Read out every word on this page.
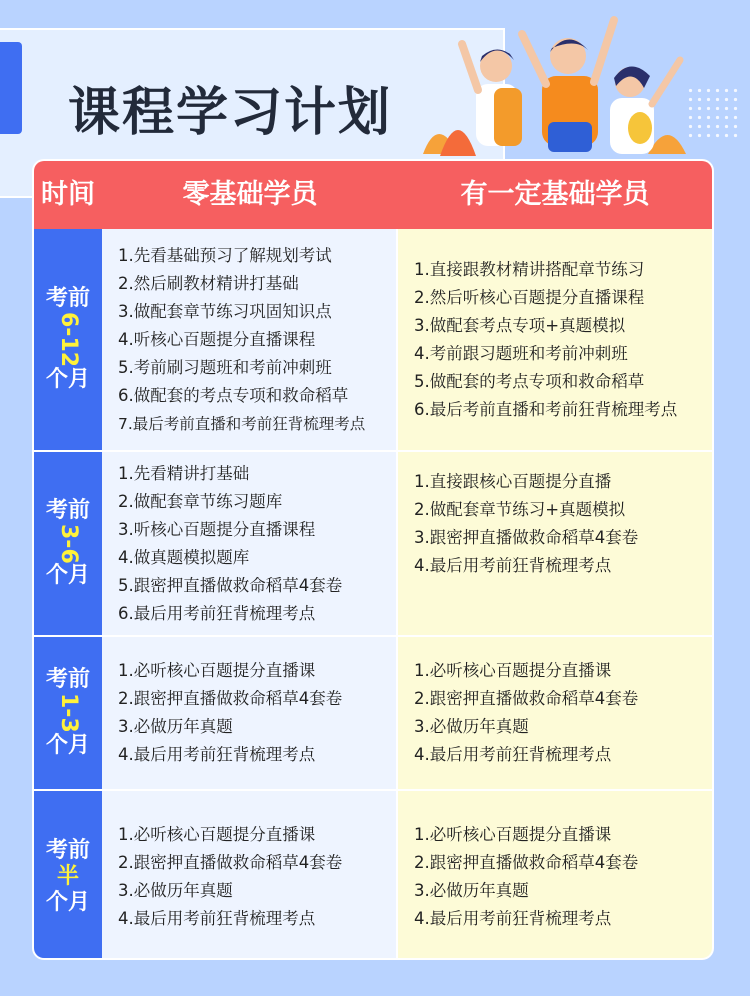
课程学习计划
时间	零基础学员	有一定基础学员
考前
6-12
个月
1.先看基础预习了解规划考试
2.然后刷教材精讲打基础
3.做配套章节练习巩固知识点
4.听核心百题提分直播课程
5.考前刷习题班和考前冲刺班
6.做配套的考点专项和救命稻草
7.最后考前直播和考前狂背梳理考点
1.直接跟教材精讲搭配章节练习
2.然后听核心百题提分直播课程
3.做配套考点专项+真题模拟
4.考前跟习题班和考前冲刺班
5.做配套的考点专项和救命稻草
6.最后考前直播和考前狂背梳理考点
考前
3-6
个月
1.先看精讲打基础
2.做配套章节练习题库
3.听核心百题提分直播课程
4.做真题模拟题库
5.跟密押直播做救命稻草4套卷
6.最后用考前狂背梳理考点
1.直接跟核心百题提分直播
2.做配套章节练习+真题模拟
3.跟密押直播做救命稻草4套卷
4.最后用考前狂背梳理考点
考前
1-3
个月
1.必听核心百题提分直播课
2.跟密押直播做救命稻草4套卷
3.必做历年真题
4.最后用考前狂背梳理考点
1.必听核心百题提分直播课
2.跟密押直播做救命稻草4套卷
3.必做历年真题
4.最后用考前狂背梳理考点
考前
半
个月
1.必听核心百题提分直播课
2.跟密押直播做救命稻草4套卷
3.必做历年真题
4.最后用考前狂背梳理考点
1.必听核心百题提分直播课
2.跟密押直播做救命稻草4套卷
3.必做历年真题
4.最后用考前狂背梳理考点
